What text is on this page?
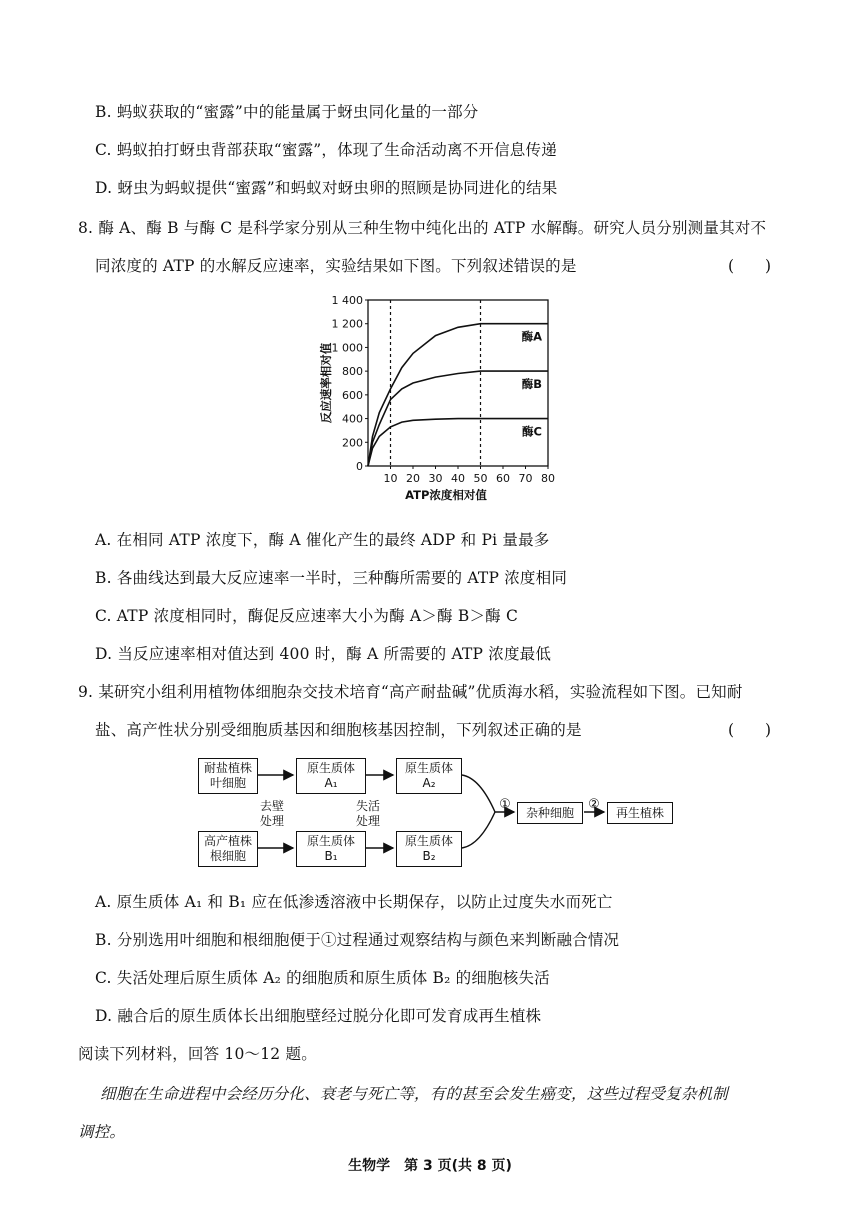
B. 蚂蚁获取的“蜜露”中的能量属于蚜虫同化量的一部分
C. 蚂蚁拍打蚜虫背部获取“蜜露”，体现了生命活动离不开信息传递
D. 蚜虫为蚂蚁提供“蜜露”和蚂蚁对蚜虫卵的照顾是协同进化的结果
8. 酶 A、酶 B 与酶 C 是科学家分别从三种生物中纯化出的 ATP 水解酶。研究人员分别测量其对不
同浓度的 ATP 的水解反应速率，实验结果如下图。下列叙述错误的是	(　　)
0
200
400
600
800
1 000
1 200
1 400
10 20 30 40 50 60 70 80
ATP浓度相对值
反应速率相对值
酶A
酶B
酶C
A. 在相同 ATP 浓度下，酶 A 催化产生的最终 ADP 和 Pi 量最多
B. 各曲线达到最大反应速率一半时，三种酶所需要的 ATP 浓度相同
C. ATP 浓度相同时，酶促反应速率大小为酶 A＞酶 B＞酶 C
D. 当反应速率相对值达到 400 时，酶 A 所需要的 ATP 浓度最低
9. 某研究小组利用植物体细胞杂交技术培育“高产耐盐碱”优质海水稻，实验流程如下图。已知耐
盐、高产性状分别受细胞质基因和细胞核基因控制，下列叙述正确的是	(　　)
耐盐植株
叶细胞
高产植株
根细胞
原生质体
A₁
原生质体
B₁
原生质体
A₂
原生质体
B₂
去壁
处理
失活
处理
①	②
杂种细胞	再生植株
A. 原生质体 A₁ 和 B₁ 应在低渗透溶液中长期保存，以防止过度失水而死亡
B. 分别选用叶细胞和根细胞便于①过程通过观察结构与颜色来判断融合情况
C. 失活处理后原生质体 A₂ 的细胞质和原生质体 B₂ 的细胞核失活
D. 融合后的原生质体长出细胞壁经过脱分化即可发育成再生植株
阅读下列材料，回答 10～12 题。
细胞在生命进程中会经历分化、衰老与死亡等，有的甚至会发生癌变，这些过程受复杂机制
调控。
生物学　第 3 页(共 8 页)
